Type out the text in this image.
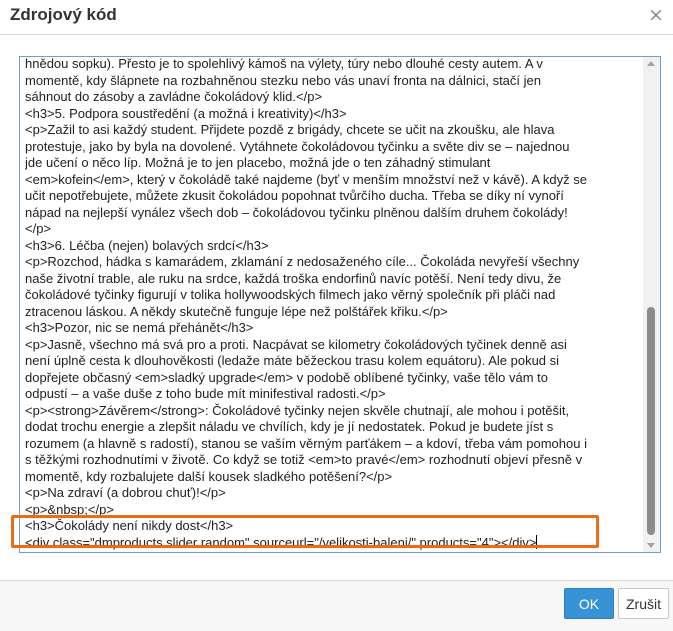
Zdrojový kód	×
hnědou sopku). Přesto je to spolehlivý kámoš na výlety, túry nebo dlouhé cesty autem. A v
momentě, kdy šlápnete na rozbahněnou stezku nebo vás unaví fronta na dálnici, stačí jen
sáhnout do zásoby a zavládne čokoládový klid.</p>
<h3>5. Podpora soustředění (a možná i kreativity)</h3>
<p>Zažil to asi každý student. Přijdete pozdě z brigády, chcete se učit na zkoušku, ale hlava
protestuje, jako by byla na dovolené. Vytáhnete čokoládovou tyčinku a světe div se – najednou
jde učení o něco líp. Možná je to jen placebo, možná jde o ten záhadný stimulant
<em>kofein</em>, který v čokoládě také najdeme (byť v menším množství než v kávě). A když se
učit nepotřebujete, můžete zkusit čokoládou popohnat tvůrčího ducha. Třeba se díky ní vynoří
nápad na nejlepší vynález všech dob – čokoládovou tyčinku plněnou dalším druhem čokolády!
</p>
<h3>6. Léčba (nejen) bolavých srdcí</h3>
<p>Rozchod, hádka s kamarádem, zklamání z nedosaženého cíle... Čokoláda nevyřeší všechny
naše životní trable, ale ruku na srdce, každá troška endorfinů navíc potěší. Není tedy divu, že
čokoládové tyčinky figurují v tolika hollywoodských filmech jako věrný společník při pláči nad
ztraceno​u láskou. A někdy skutečně funguje lépe než polštářek křiku.</p>
<h3>Pozor, nic se nemá přehánět</h3>
<p>Jasně, všechno má svá pro a proti. Nacpávat se kilometry čokoládových tyčinek denně asi
není úplně cesta k dlouhověkosti (ledaže máte běžeckou trasu kolem equátoru). Ale pokud si
dopřejete občasný <em>sladký upgrade</em> v podobě oblíbené tyčinky, vaše tělo vám to
odpustí – a vaše duše z toho bude mít minifestival radosti.</p>
<p><strong>Závěrem</strong>: Čokoládové tyčinky nejen skvěle chutnají, ale mohou i potěšit,
dodat trochu energie a zlepšit náladu ve chvílích, kdy je jí nedostatek. Pokud je budete jíst s
rozumem (a hlavně s radostí), stanou se vaším věrným parťákem – a kdoví, třeba vám pomohou i
s těžkými rozhodnutími v životě. Co když se totiž <em>to pravé</em> rozhodnutí objeví přesně v
momentě, kdy rozbalujete další kousek sladkého potěšení?</p>
<p>Na zdraví (a dobrou chuť)!</p>
<p>&nbsp;</p>
<h3>Čokolády není nikdy dost</h3>
<div class="dmproducts slider random" sourceurl="/velikosti-baleni/" products="4"></div>
OK	Zrušit
